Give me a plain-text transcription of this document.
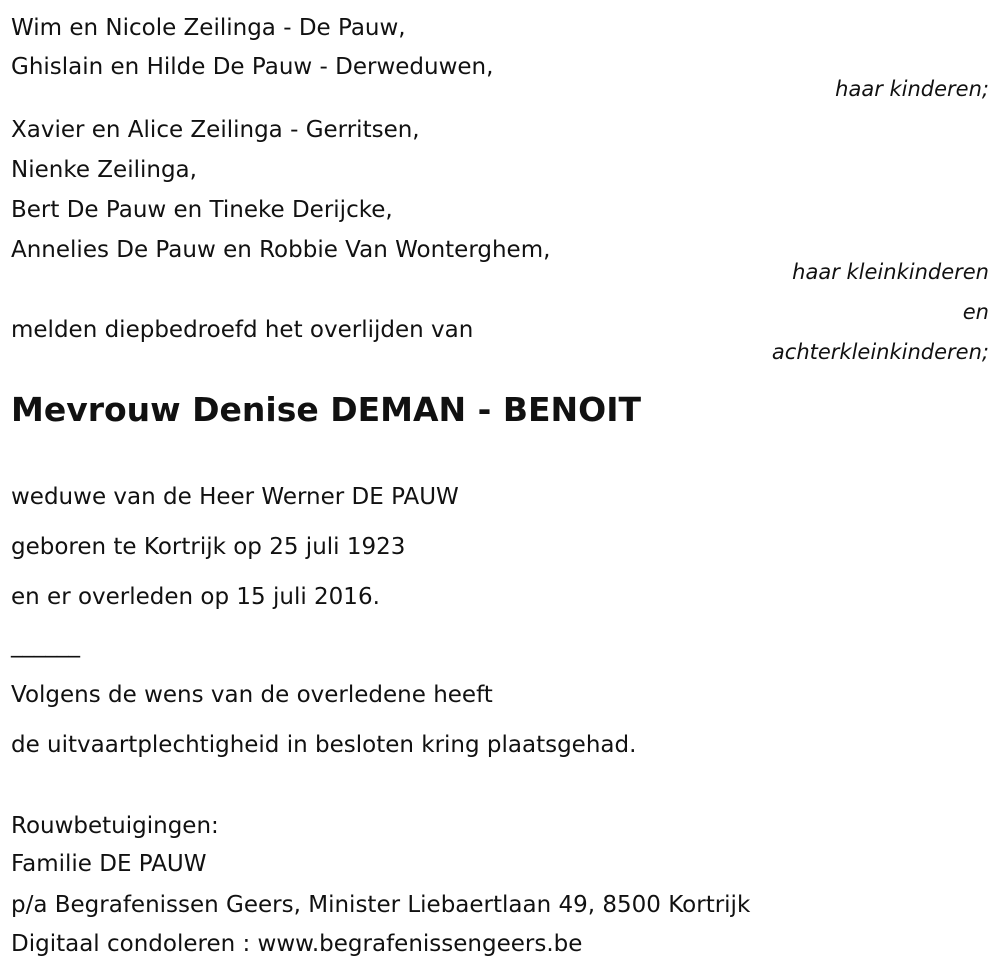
Wim en Nicole Zeilinga - De Pauw,
Ghislain en Hilde De Pauw - Derweduwen,
haar kinderen;
Xavier en Alice Zeilinga - Gerritsen,
Nienke Zeilinga,
Bert De Pauw en Tineke Derijcke,
Annelies De Pauw en Robbie Van Wonterghem,
haar kleinkinderen
en
achterkleinkinderen;
melden diepbedroefd het overlijden van
Mevrouw Denise DEMAN - BENOIT
weduwe van de Heer Werner DE PAUW
geboren te Kortrijk op 25 juli 1923
en er overleden op 15 juli 2016.
______
Volgens de wens van de overledene heeft
de uitvaartplechtigheid in besloten kring plaatsgehad.
Rouwbetuigingen:
Familie DE PAUW
p/a Begrafenissen Geers, Minister Liebaertlaan 49, 8500 Kortrijk
Digitaal condoleren : www.begrafenissengeers.be
